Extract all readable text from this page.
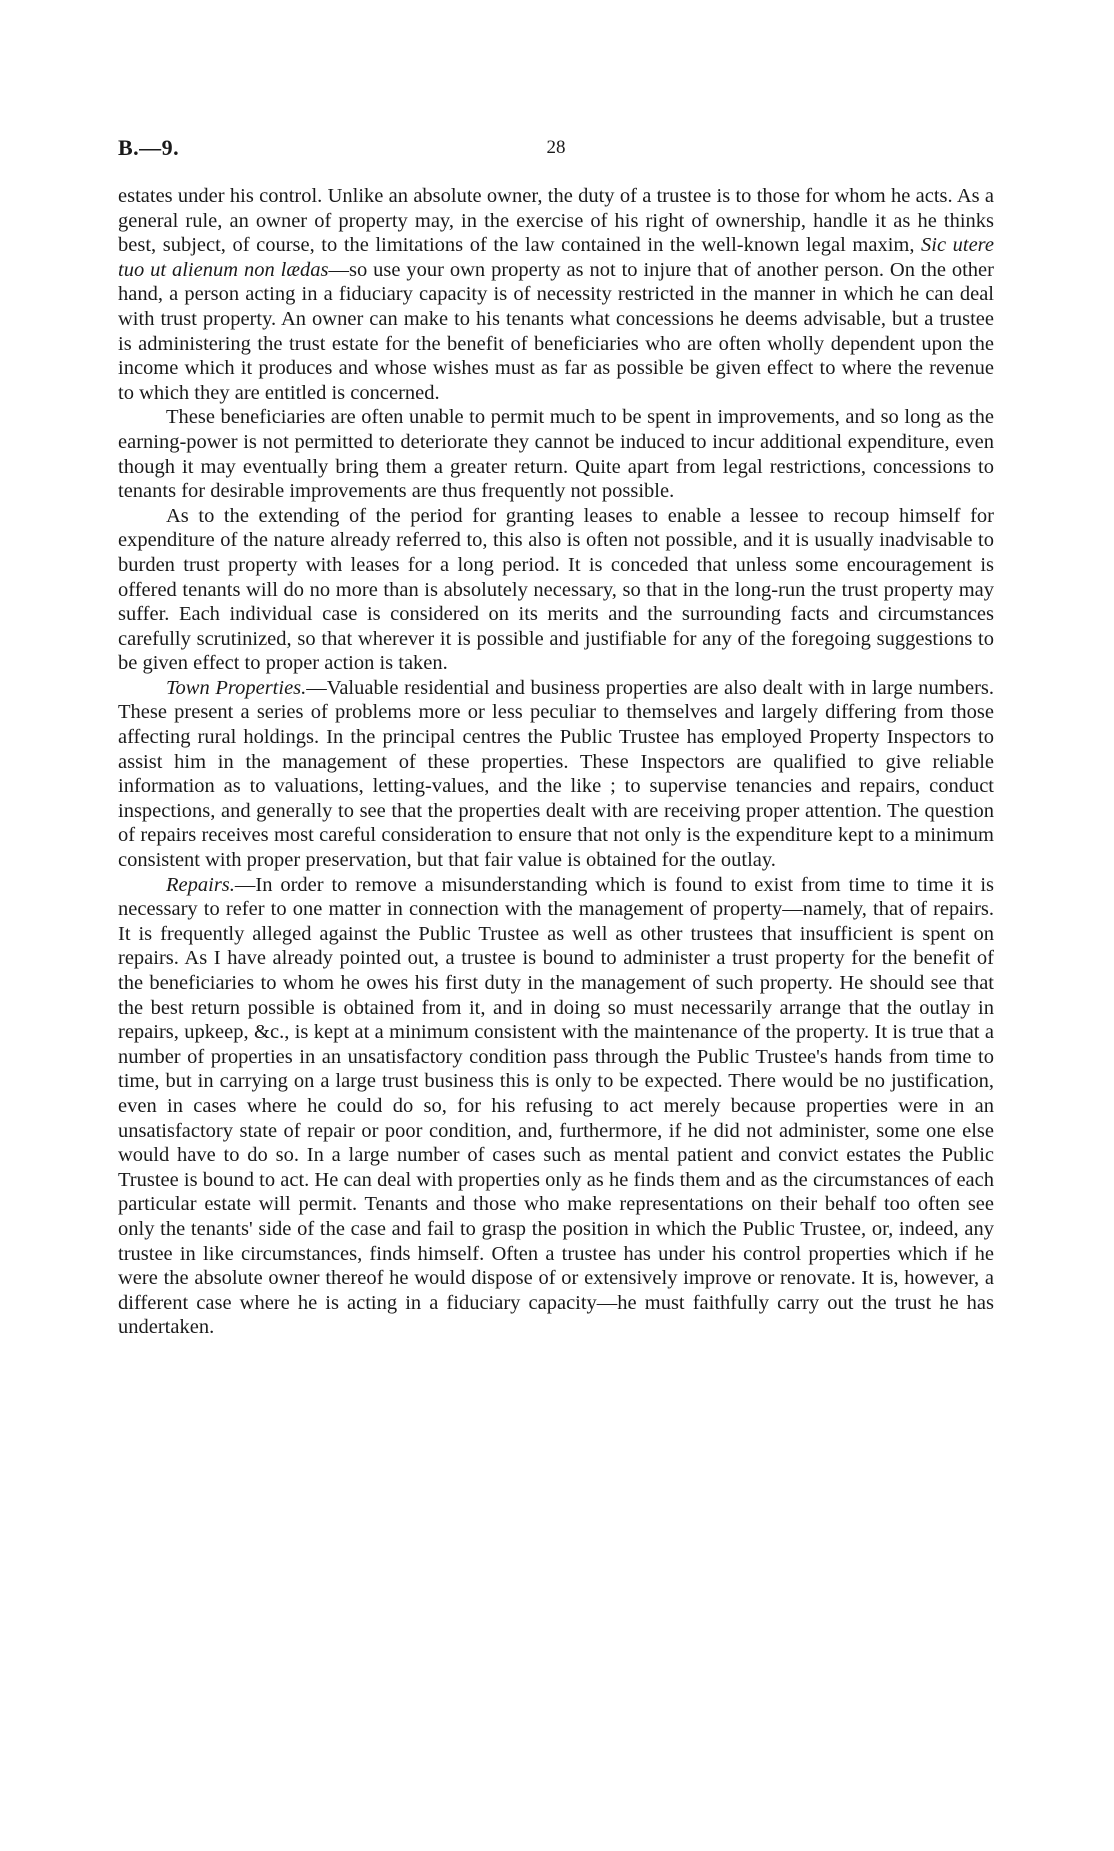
B.—9.	28

estates under his control. Unlike an absolute owner, the duty of a trustee is to those for whom he acts. As a general rule, an owner of property may, in the exercise of his right of ownership, handle it as he thinks best, subject, of course, to the limitations of the law contained in the well-known legal maxim, Sic utere tuo ut alienum non lædas—so use your own property as not to injure that of another person. On the other hand, a person acting in a fiduciary capacity is of necessity restricted in the manner in which he can deal with trust property. An owner can make to his tenants what concessions he deems advisable, but a trustee is administering the trust estate for the benefit of beneficiaries who are often wholly dependent upon the income which it produces and whose wishes must as far as possible be given effect to where the revenue to which they are entitled is concerned.

These beneficiaries are often unable to permit much to be spent in improvements, and so long as the earning-power is not permitted to deteriorate they cannot be induced to incur additional expenditure, even though it may eventually bring them a greater return. Quite apart from legal restrictions, concessions to tenants for desirable improvements are thus frequently not possible.

As to the extending of the period for granting leases to enable a lessee to recoup himself for expenditure of the nature already referred to, this also is often not possible, and it is usually inadvisable to burden trust property with leases for a long period. It is conceded that unless some encouragement is offered tenants will do no more than is absolutely necessary, so that in the long-run the trust property may suffer. Each individual case is considered on its merits and the surrounding facts and circumstances carefully scrutinized, so that wherever it is possible and justifiable for any of the foregoing suggestions to be given effect to proper action is taken.

Town Properties.—Valuable residential and business properties are also dealt with in large numbers. These present a series of problems more or less peculiar to themselves and largely differing from those affecting rural holdings. In the principal centres the Public Trustee has employed Property Inspectors to assist him in the management of these properties. These Inspectors are qualified to give reliable information as to valuations, letting-values, and the like ; to supervise tenancies and repairs, conduct inspections, and generally to see that the properties dealt with are receiving proper attention. The question of repairs receives most careful consideration to ensure that not only is the expenditure kept to a minimum consistent with proper preservation, but that fair value is obtained for the outlay.

Repairs.—In order to remove a misunderstanding which is found to exist from time to time it is necessary to refer to one matter in connection with the management of property—namely, that of repairs. It is frequently alleged against the Public Trustee as well as other trustees that insufficient is spent on repairs. As I have already pointed out, a trustee is bound to administer a trust property for the benefit of the beneficiaries to whom he owes his first duty in the management of such property. He should see that the best return possible is obtained from it, and in doing so must necessarily arrange that the outlay in repairs, upkeep, &c., is kept at a minimum consistent with the maintenance of the property. It is true that a number of properties in an unsatisfactory condition pass through the Public Trustee's hands from time to time, but in carrying on a large trust business this is only to be expected. There would be no justification, even in cases where he could do so, for his refusing to act merely because properties were in an unsatisfactory state of repair or poor condition, and, furthermore, if he did not administer, some one else would have to do so. In a large number of cases such as mental patient and convict estates the Public Trustee is bound to act. He can deal with properties only as he finds them and as the circumstances of each particular estate will permit. Tenants and those who make representations on their behalf too often see only the tenants' side of the case and fail to grasp the position in which the Public Trustee, or, indeed, any trustee in like circumstances, finds himself. Often a trustee has under his control properties which if he were the absolute owner thereof he would dispose of or extensively improve or renovate. It is, however, a different case where he is acting in a fiduciary capacity—he must faithfully carry out the trust he has undertaken.
